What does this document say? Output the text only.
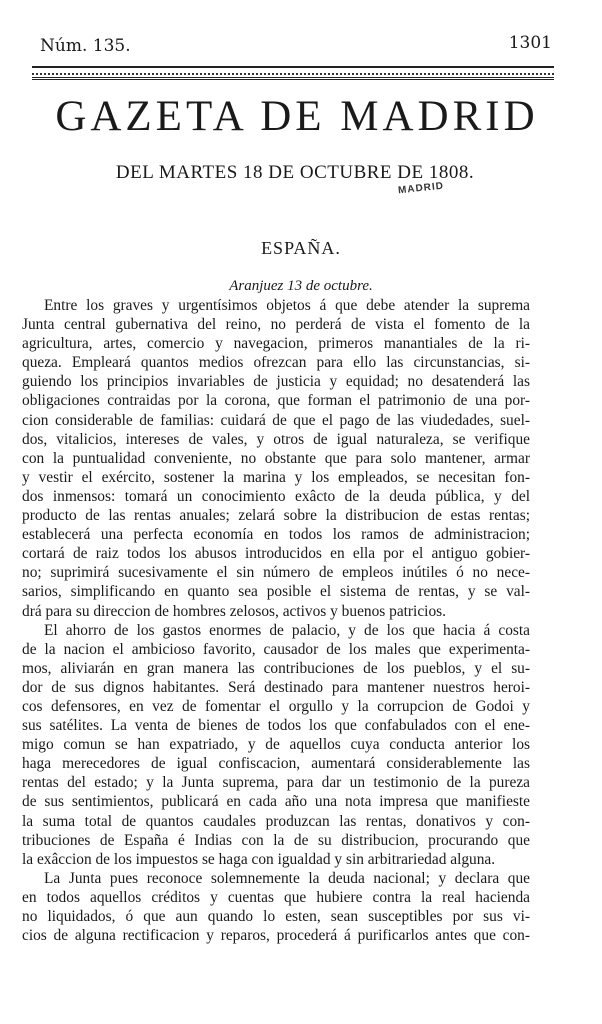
Núm. 135.	1301
GAZETA DE MADRID
DEL MARTES 18 DE OCTUBRE DE 1808.
MADRID
ESPAÑA.
Aranjuez 13 de octubre.
Entre los graves y urgentísimos objetos á que debe atender la suprema
Junta central gubernativa del reino, no perderá de vista el fomento de la
agricultura, artes, comercio y navegacion, primeros manantiales de la ri-
queza. Empleará quantos medios ofrezcan para ello las circunstancias, si-
guiendo los principios invariables de justicia y equidad; no desatenderá las
obligaciones contraidas por la corona, que forman el patrimonio de una por-
cion considerable de familias: cuidará de que el pago de las viudedades, suel-
dos, vitalicios, intereses de vales, y otros de igual naturaleza, se verifique
con la puntualidad conveniente, no obstante que para solo mantener, armar
y vestir el exército, sostener la marina y los empleados, se necesitan fon-
dos inmensos: tomará un conocimiento exâcto de la deuda pública, y del
producto de las rentas anuales; zelará sobre la distribucion de estas rentas;
establecerá una perfecta economía en todos los ramos de administracion;
cortará de raiz todos los abusos introducidos en ella por el antiguo gobier-
no; suprimirá sucesivamente el sin número de empleos inútiles ó no nece-
sarios, simplificando en quanto sea posible el sistema de rentas, y se val-
drá para su direccion de hombres zelosos, activos y buenos patricios.
El ahorro de los gastos enormes de palacio, y de los que hacia á costa
de la nacion el ambicioso favorito, causador de los males que experimenta-
mos, aliviarán en gran manera las contribuciones de los pueblos, y el su-
dor de sus dignos habitantes. Será destinado para mantener nuestros heroi-
cos defensores, en vez de fomentar el orgullo y la corrupcion de Godoi y
sus satélites. La venta de bienes de todos los que confabulados con el ene-
migo comun se han expatriado, y de aquellos cuya conducta anterior los
haga merecedores de igual confiscacion, aumentará considerablemente las
rentas del estado; y la Junta suprema, para dar un testimonio de la pureza
de sus sentimientos, publicará en cada año una nota impresa que manifieste
la suma total de quantos caudales produzcan las rentas, donativos y con-
tribuciones de España é Indias con la de su distribucion, procurando que
la exâccion de los impuestos se haga con igualdad y sin arbitrariedad alguna.
La Junta pues reconoce solemnemente la deuda nacional; y declara que
en todos aquellos créditos y cuentas que hubiere contra la real hacienda
no liquidados, ó que aun quando lo esten, sean susceptibles por sus vi-
cios de alguna rectificacion y reparos, procederá á purificarlos antes que con-
